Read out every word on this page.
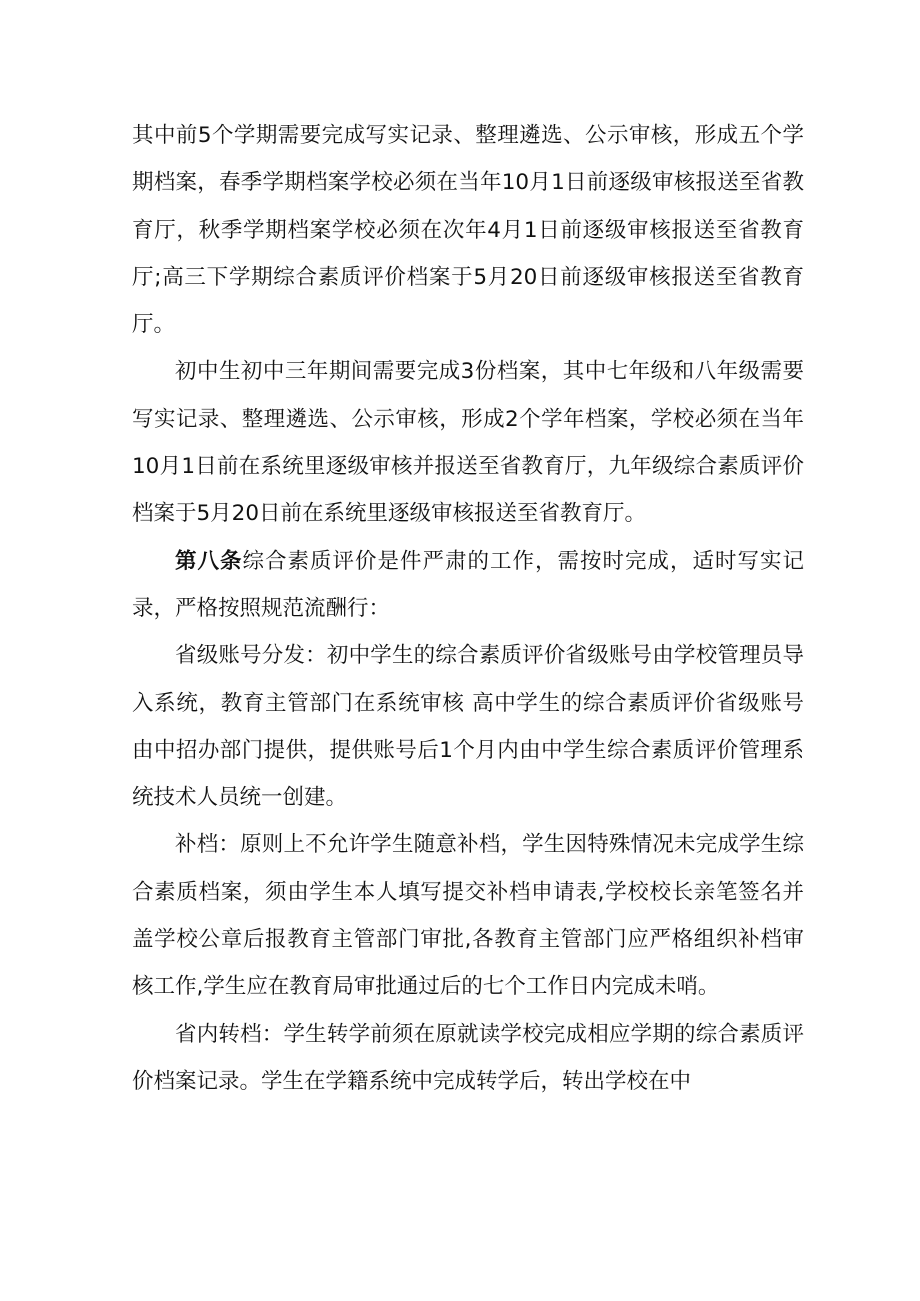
其中前5个学期需要完成写实记录、整理遴选、公示审核，形成五个学期档案，春季学期档案学校必须在当年10月1日前逐级审核报送至省教育厅，秋季学期档案学校必须在次年4月1日前逐级审核报送至省教育厅;高三下学期综合素质评价档案于5月20日前逐级审核报送至省教育厅。

初中生初中三年期间需要完成3份档案，其中七年级和八年级需要写实记录、整理遴选、公示审核，形成2个学年档案，学校必须在当年10月1日前在系统里逐级审核并报送至省教育厅，九年级综合素质评价档案于5月20日前在系统里逐级审核报送至省教育厅。

第八条综合素质评价是件严肃的工作，需按时完成，适时写实记录，严格按照规范流酬行：

省级账号分发：初中学生的综合素质评价省级账号由学校管理员导入系统，教育主管部门在系统审核 高中学生的综合素质评价省级账号由中招办部门提供，提供账号后1个月内由中学生综合素质评价管理系统技术人员统一创建。

补档：原则上不允许学生随意补档，学生因特殊情况未完成学生综合素质档案，须由学生本人填写提交补档申请表,学校校长亲笔签名并盖学校公章后报教育主管部门审批,各教育主管部门应严格组织补档审核工作,学生应在教育局审批通过后的七个工作日内完成未哨。

省内转档：学生转学前须在原就读学校完成相应学期的综合素质评价档案记录。学生在学籍系统中完成转学后，转出学校在中
